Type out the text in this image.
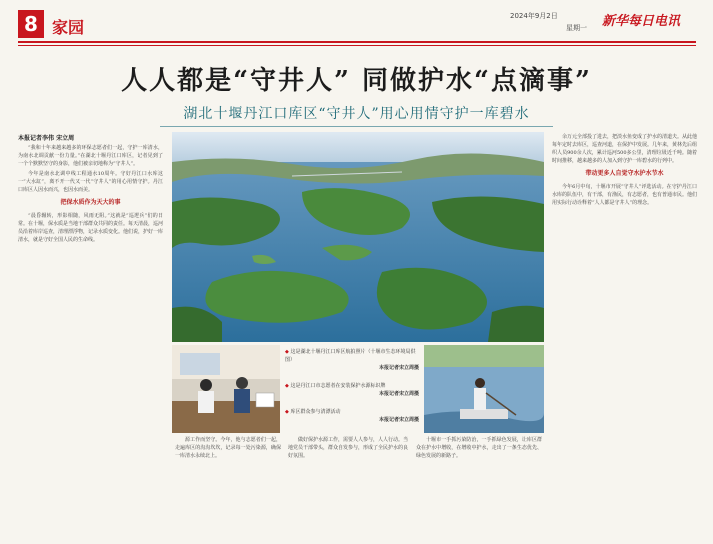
8 家园
2024年9月2日
星期一 新华每日电讯
人人都是“守井人” 同做护水“点滴事”
湖北十堰丹江口库区“守井人”用心用情守护一库碧水
本报记者李伟 宋立周

“我和十年来越来越多的环保志愿者们一起，守护一库清水，为南水北调贡献一份力量。”在湖北十堰丹江口库区，记者见到了一个个默默坚守的身影，他们被亲切地称为“守井人”。

今年是南水北调中线工程通水10周年。守好丹江口水库这一“大水缸”，离不开一代又一代“守井人”的用心用情守护。丹江口库区人因水而兴，也因水而美。

把保水质作为天大的事

“晨昏辗转，形影相随，风雨无阻。”这就是“巡逻兵”们的日常。在十堰，保水质是当地干部群众共同的责任。每天清晨，巡河员沿着库岸巡查，清理漂浮物，记录水质变化。他们说，护好一库清水，就是守好全国人民的生命线。

◆ 这是湖北十堰丹江口库区航拍照片（十堰市生态环境局供图）
本报记者宋立周摄
◆ 这是丹江口市志愿者在安装保护水源标识牌
本报记者宋立周摄
◆ 库区群众参与清漂活动
本报记者宋立周摄

源工作而坚守。今年，他与志愿者们一起，走遍库区的沟沟坎坎，记录每一处污染源，确保一库清水永续北上。

做好保护水源工作，需要人人参与，人人行动。当地党员干部带头，群众自发参与，形成了全民护水的良好氛围。

十堰市一手抓污染防治，一手抓绿色发展，让库区群众在护水中增收，在增收中护水，走出了一条生态优先、绿色发展的新路子。

余万元全部投了进去，把淡水鱼变成了护水的清道夫。从此他每年定时去库区，巡查河道，在保护中发展。几年来，黄林先后组织人员900余人次，累计巡河500多公里，清理垃圾近千吨。随着时间推移，越来越多的人加入到守护一库碧水的行列中。

带动更多人自觉守水护水节水

今年6月中旬，十堰市开展“守井人”评选活动。在守护丹江口水库的队伍中，有干部，有渔民，有志愿者，也有普通市民。他们用实际行动诠释着“人人都是守井人”的理念。
